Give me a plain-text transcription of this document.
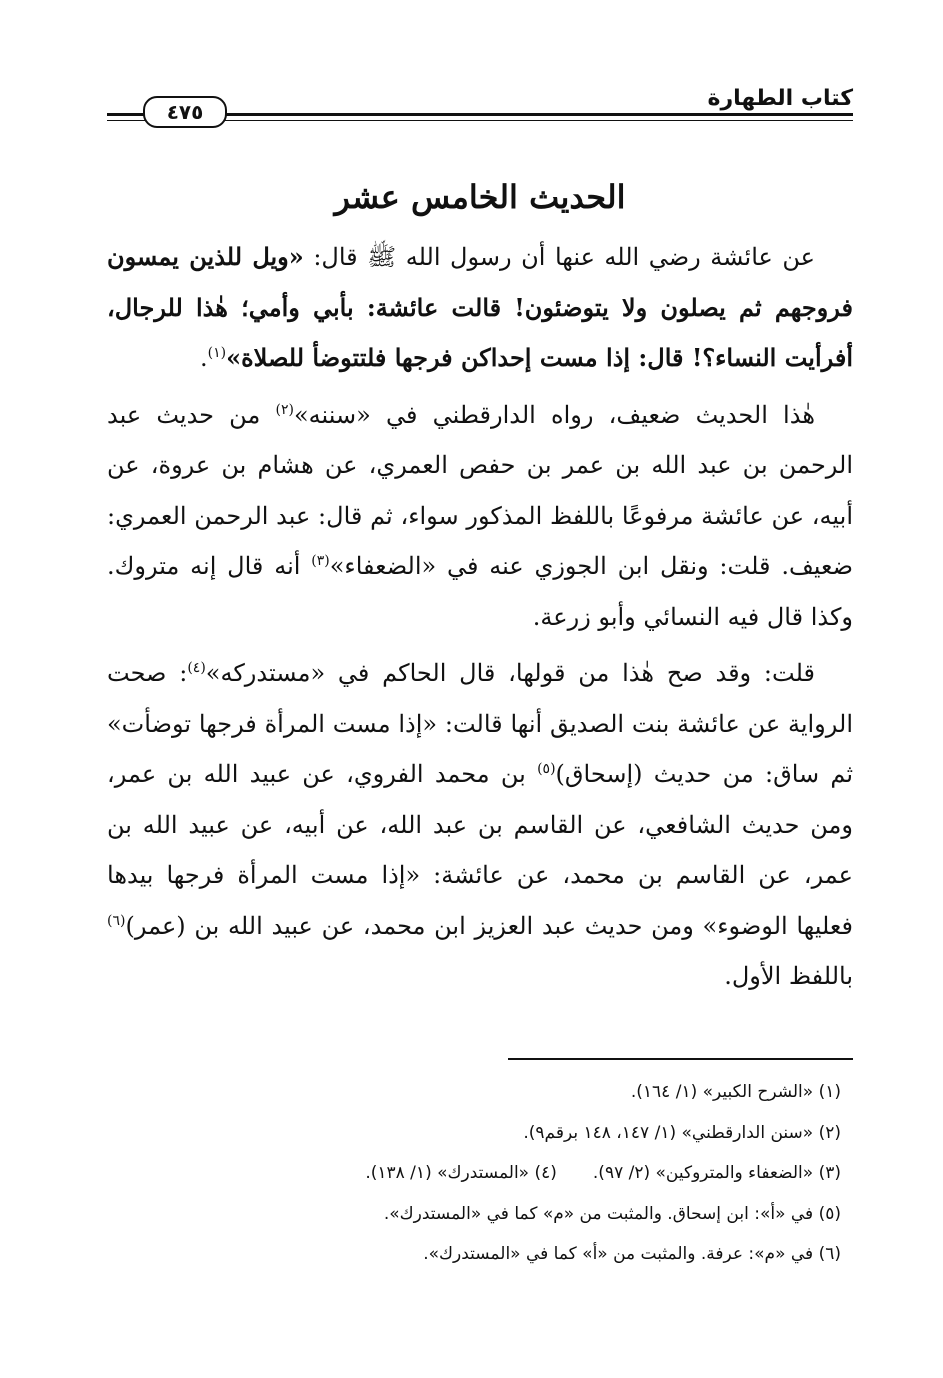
كتاب الطهارة
٤٧٥
الحديث الخامس عشر

عن عائشة رضي الله عنها أن رسول الله ﷺ قال: «ويل للذين يمسون فروجهم ثم يصلون ولا يتوضئون! قالت عائشة: بأبي وأمي؛ هٰذا للرجال، أفرأيت النساء؟! قال: إذا مست إحداكن فرجها فلتتوضأ للصلاة»$^{(١)}$.

هٰذا الحديث ضعيف، رواه الدارقطني في «سننه»$^{(٢)}$ من حديث عبد الرحمن بن عبد الله بن عمر بن حفص العمري، عن هشام بن عروة، عن أبيه، عن عائشة مرفوعًا باللفظ المذكور سواء، ثم قال: عبد الرحمن العمري: ضعيف. قلت: ونقل ابن الجوزي عنه في «الضعفاء»$^{(٣)}$ أنه قال إنه متروك. وكذا قال فيه النسائي وأبو زرعة.

قلت: وقد صح هٰذا من قولها، قال الحاكم في «مستدركه»$^{(٤)}$: صحت الرواية عن عائشة بنت الصديق أنها قالت: «إذا مست المرأة فرجها توضأت» ثم ساق: من حديث (إسحاق)$^{(٥)}$ بن محمد الفروي، عن عبيد الله بن عمر، ومن حديث الشافعي، عن القاسم بن عبد الله، عن أبيه، عن عبيد الله بن عمر، عن القاسم بن محمد، عن عائشة: «إذا مست المرأة فرجها بيدها فعليها الوضوء» ومن حديث عبد العزيز ابن محمد، عن عبيد الله بن (عمر)$^{(٦)}$ باللفظ الأول.

(١) «الشرح الكبير» (١/ ١٦٤).
(٢) «سنن الدارقطني» (١/ ١٤٧، ١٤٨ برقم٩).
(٣) «الضعفاء والمتروكين» (٢/ ٩٧).(٤) «المستدرك» (١/ ١٣٨).
(٥) في «أ»: ابن إسحاق. والمثبت من «م» كما في «المستدرك».
(٦) في «م»: عرفة. والمثبت من «أ» كما في «المستدرك».
